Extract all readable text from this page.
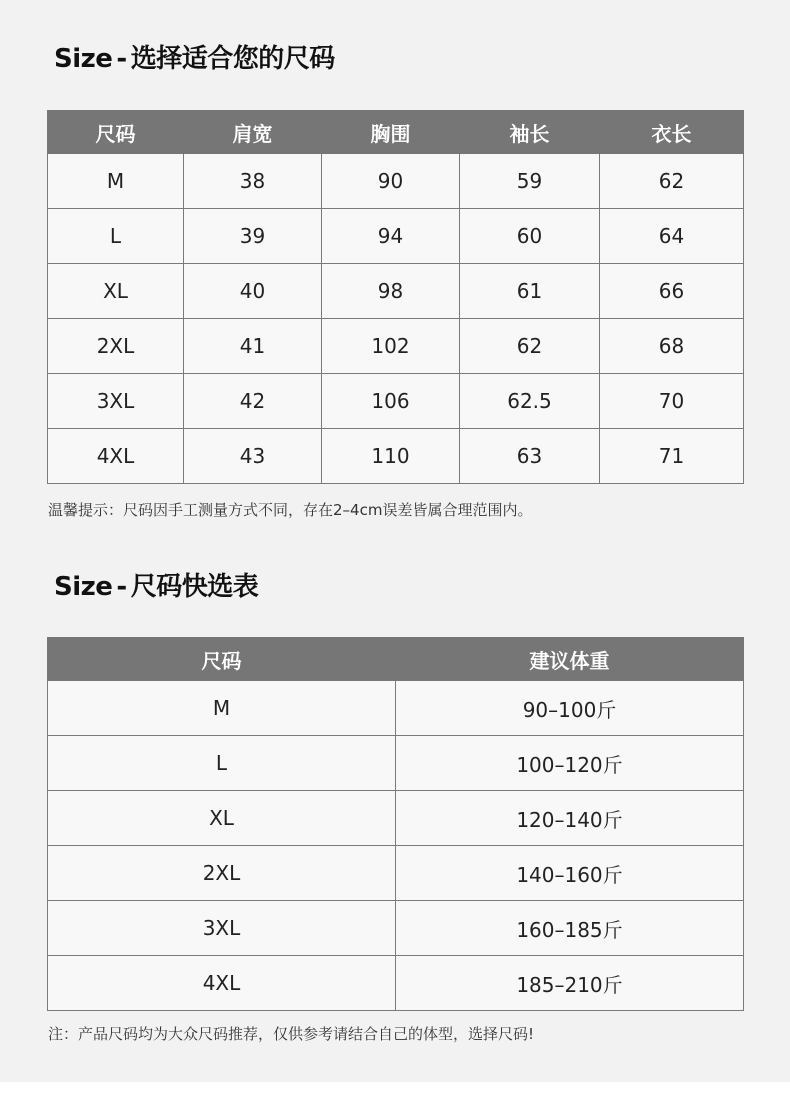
Size - 选择适合您的尺码
尺码	肩宽	胸围	袖长	衣长
M	38	90	59	62
L	39	94	60	64
XL	40	98	61	66
2XL	41	102	62	68
3XL	42	106	62.5	70
4XL	43	110	63	71
温馨提示：尺码因手工测量方式不同，存在2–4cm误差皆属合理范围内。
Size - 尺码快选表
尺码	建议体重
M	90–100斤
L	100–120斤
XL	120–140斤
2XL	140–160斤
3XL	160–185斤
4XL	185–210斤
注：产品尺码均为大众尺码推荐，仅供参考请结合自己的体型，选择尺码!
